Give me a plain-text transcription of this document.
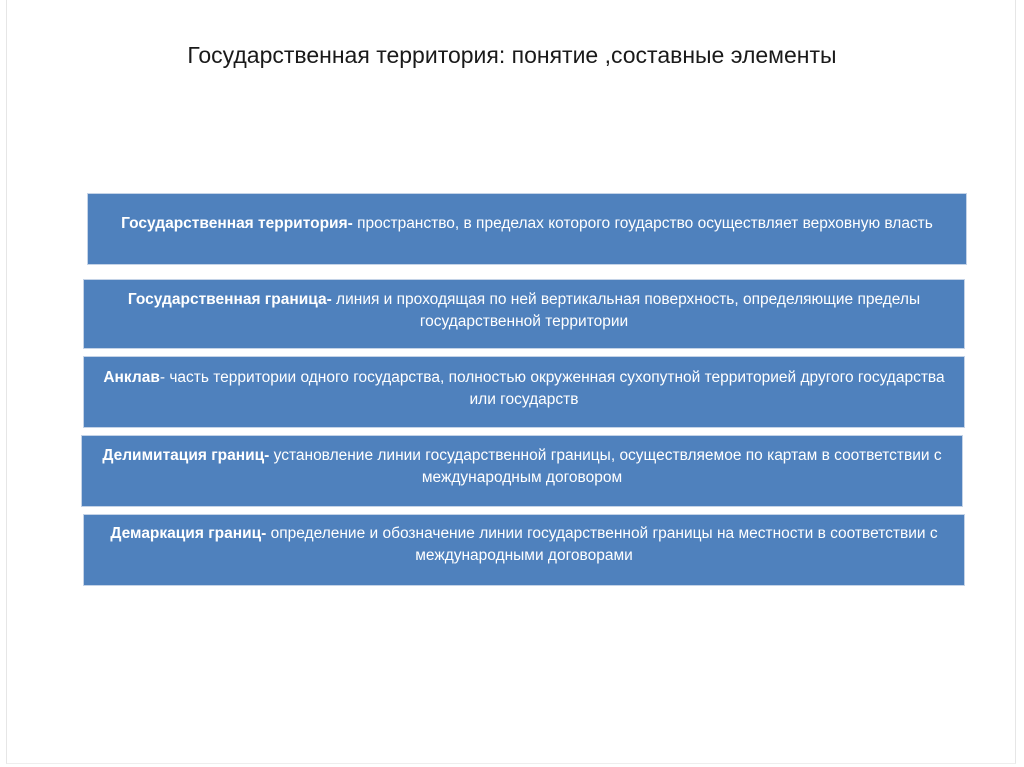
Государственная территория: понятие ,составные элементы
Государственная территория- пространство, в пределах которого гоударство осуществляет верховную власть
Государственная граница- линия и проходящая по ней вертикальная поверхность, определяющие пределы государственной территории
Анклав- часть территории одного государства, полностью окруженная сухопутной территорией другого государства или государств
Делимитация границ- установление линии государственной границы, осуществляемое по картам в соответствии с международным договором
Демаркация границ- определение и обозначение линии государственной границы на местности в соответствии с международными договорами
